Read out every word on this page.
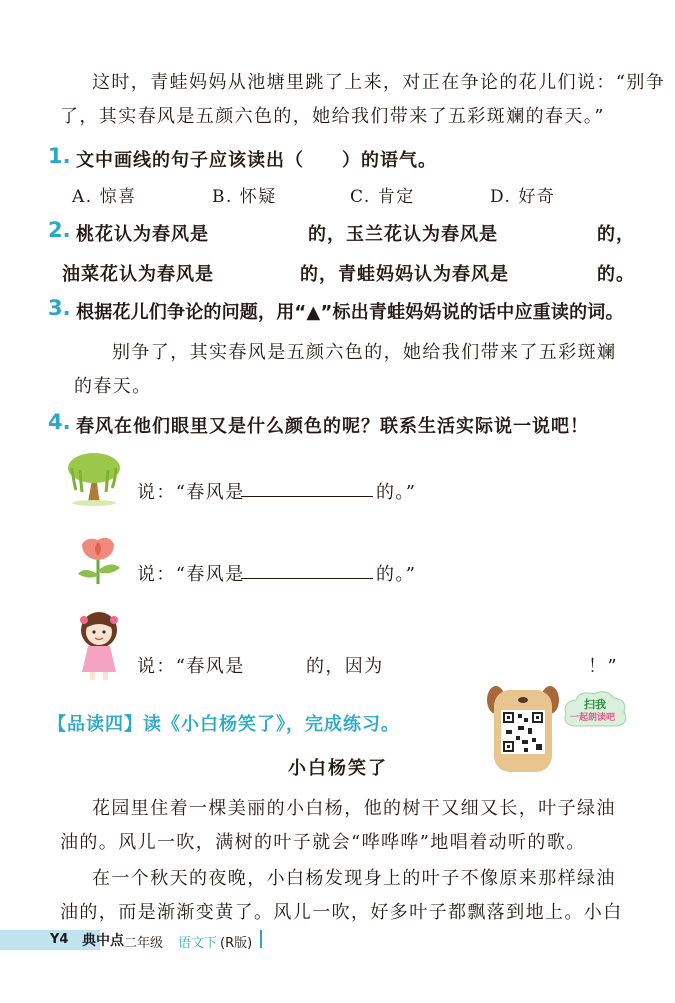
这时，青蛙妈妈从池塘里跳了上来，对正在争论的花儿们说：“别争
了，其实春风是五颜六色的，她给我们带来了五彩斑斓的春天。”
1. 文中画线的句子应该读出（　　）的语气。
A. 惊喜	B. 怀疑	C. 肯定	D. 好奇
2. 桃花认为春风是	的，玉兰花认为春风是	的，
油菜花认为春风是	的，青蛙妈妈认为春风是	的。
3. 根据花儿们争论的问题，用“▲”标出青蛙妈妈说的话中应重读的词。
别争了，其实春风是五颜六色的，她给我们带来了五彩斑斓
的春天。
4. 春风在他们眼里又是什么颜色的呢？联系生活实际说一说吧！
说：“春风是	的。”
说：“春风是	的。”
说：“春风是	的，因为	！”
【品读四】读《小白杨笑了》，完成练习。
扫我
一起朗读吧
小白杨笑了
花园里住着一棵美丽的小白杨，他的树干又细又长，叶子绿油
油的。风儿一吹，满树的叶子就会“哗哗哗”地唱着动听的歌。
在一个秋天的夜晚，小白杨发现身上的叶子不像原来那样绿油
油的，而是渐渐变黄了。风儿一吹，好多叶子都飘落到地上。小白
Y4 典中点 二年级 语文下 (R版)
